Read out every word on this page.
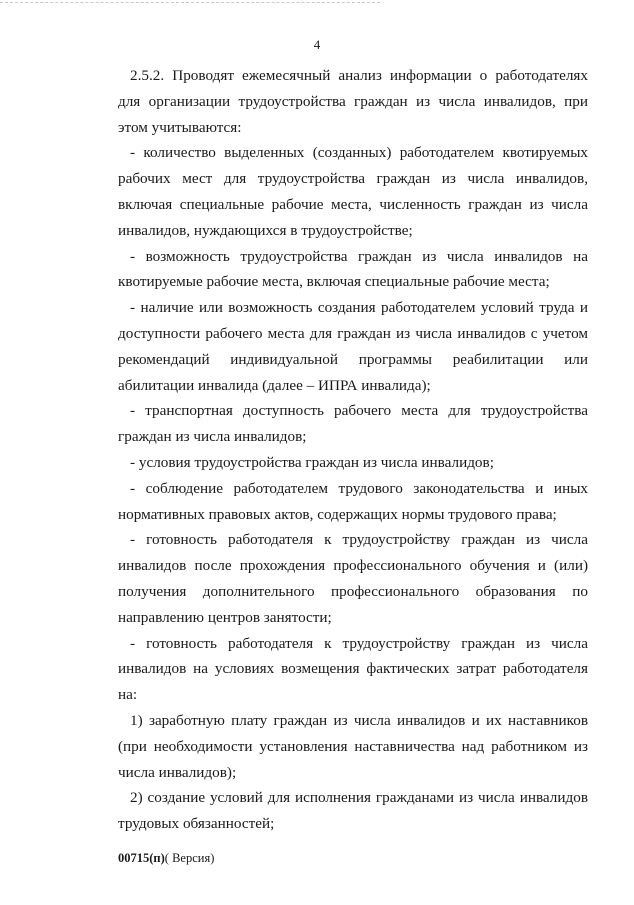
4

2.5.2. Проводят ежемесячный анализ информации о работодателях для организации трудоустройства граждан из числа инвалидов, при этом учитываются:

- количество выделенных (созданных) работодателем квотируемых рабочих мест для трудоустройства граждан из числа инвалидов, включая специальные рабочие места, численность граждан из числа инвалидов, нуждающихся в трудоустройстве;

- возможность трудоустройства граждан из числа инвалидов на квотируемые рабочие места, включая специальные рабочие места;

- наличие или возможность создания работодателем условий труда и доступности рабочего места для граждан из числа инвалидов с учетом рекомендаций индивидуальной программы реабилитации или абилитации инвалида (далее – ИПРА инвалида);

- транспортная доступность рабочего места для трудоустройства граждан из числа инвалидов;

- условия трудоустройства граждан из числа инвалидов;

- соблюдение работодателем трудового законодательства и иных нормативных правовых актов, содержащих нормы трудового права;

- готовность работодателя к трудоустройству граждан из числа инвалидов после прохождения профессионального обучения и (или) получения дополнительного профессионального образования по направлению центров занятости;

- готовность работодателя к трудоустройству граждан из числа инвалидов на условиях возмещения фактических затрат работодателя на:

1) заработную плату граждан из числа инвалидов и их наставников (при необходимости установления наставничества над работником из числа инвалидов);

2) создание условий для исполнения гражданами из числа инвалидов трудовых обязанностей;

00715(п)( Версия)
